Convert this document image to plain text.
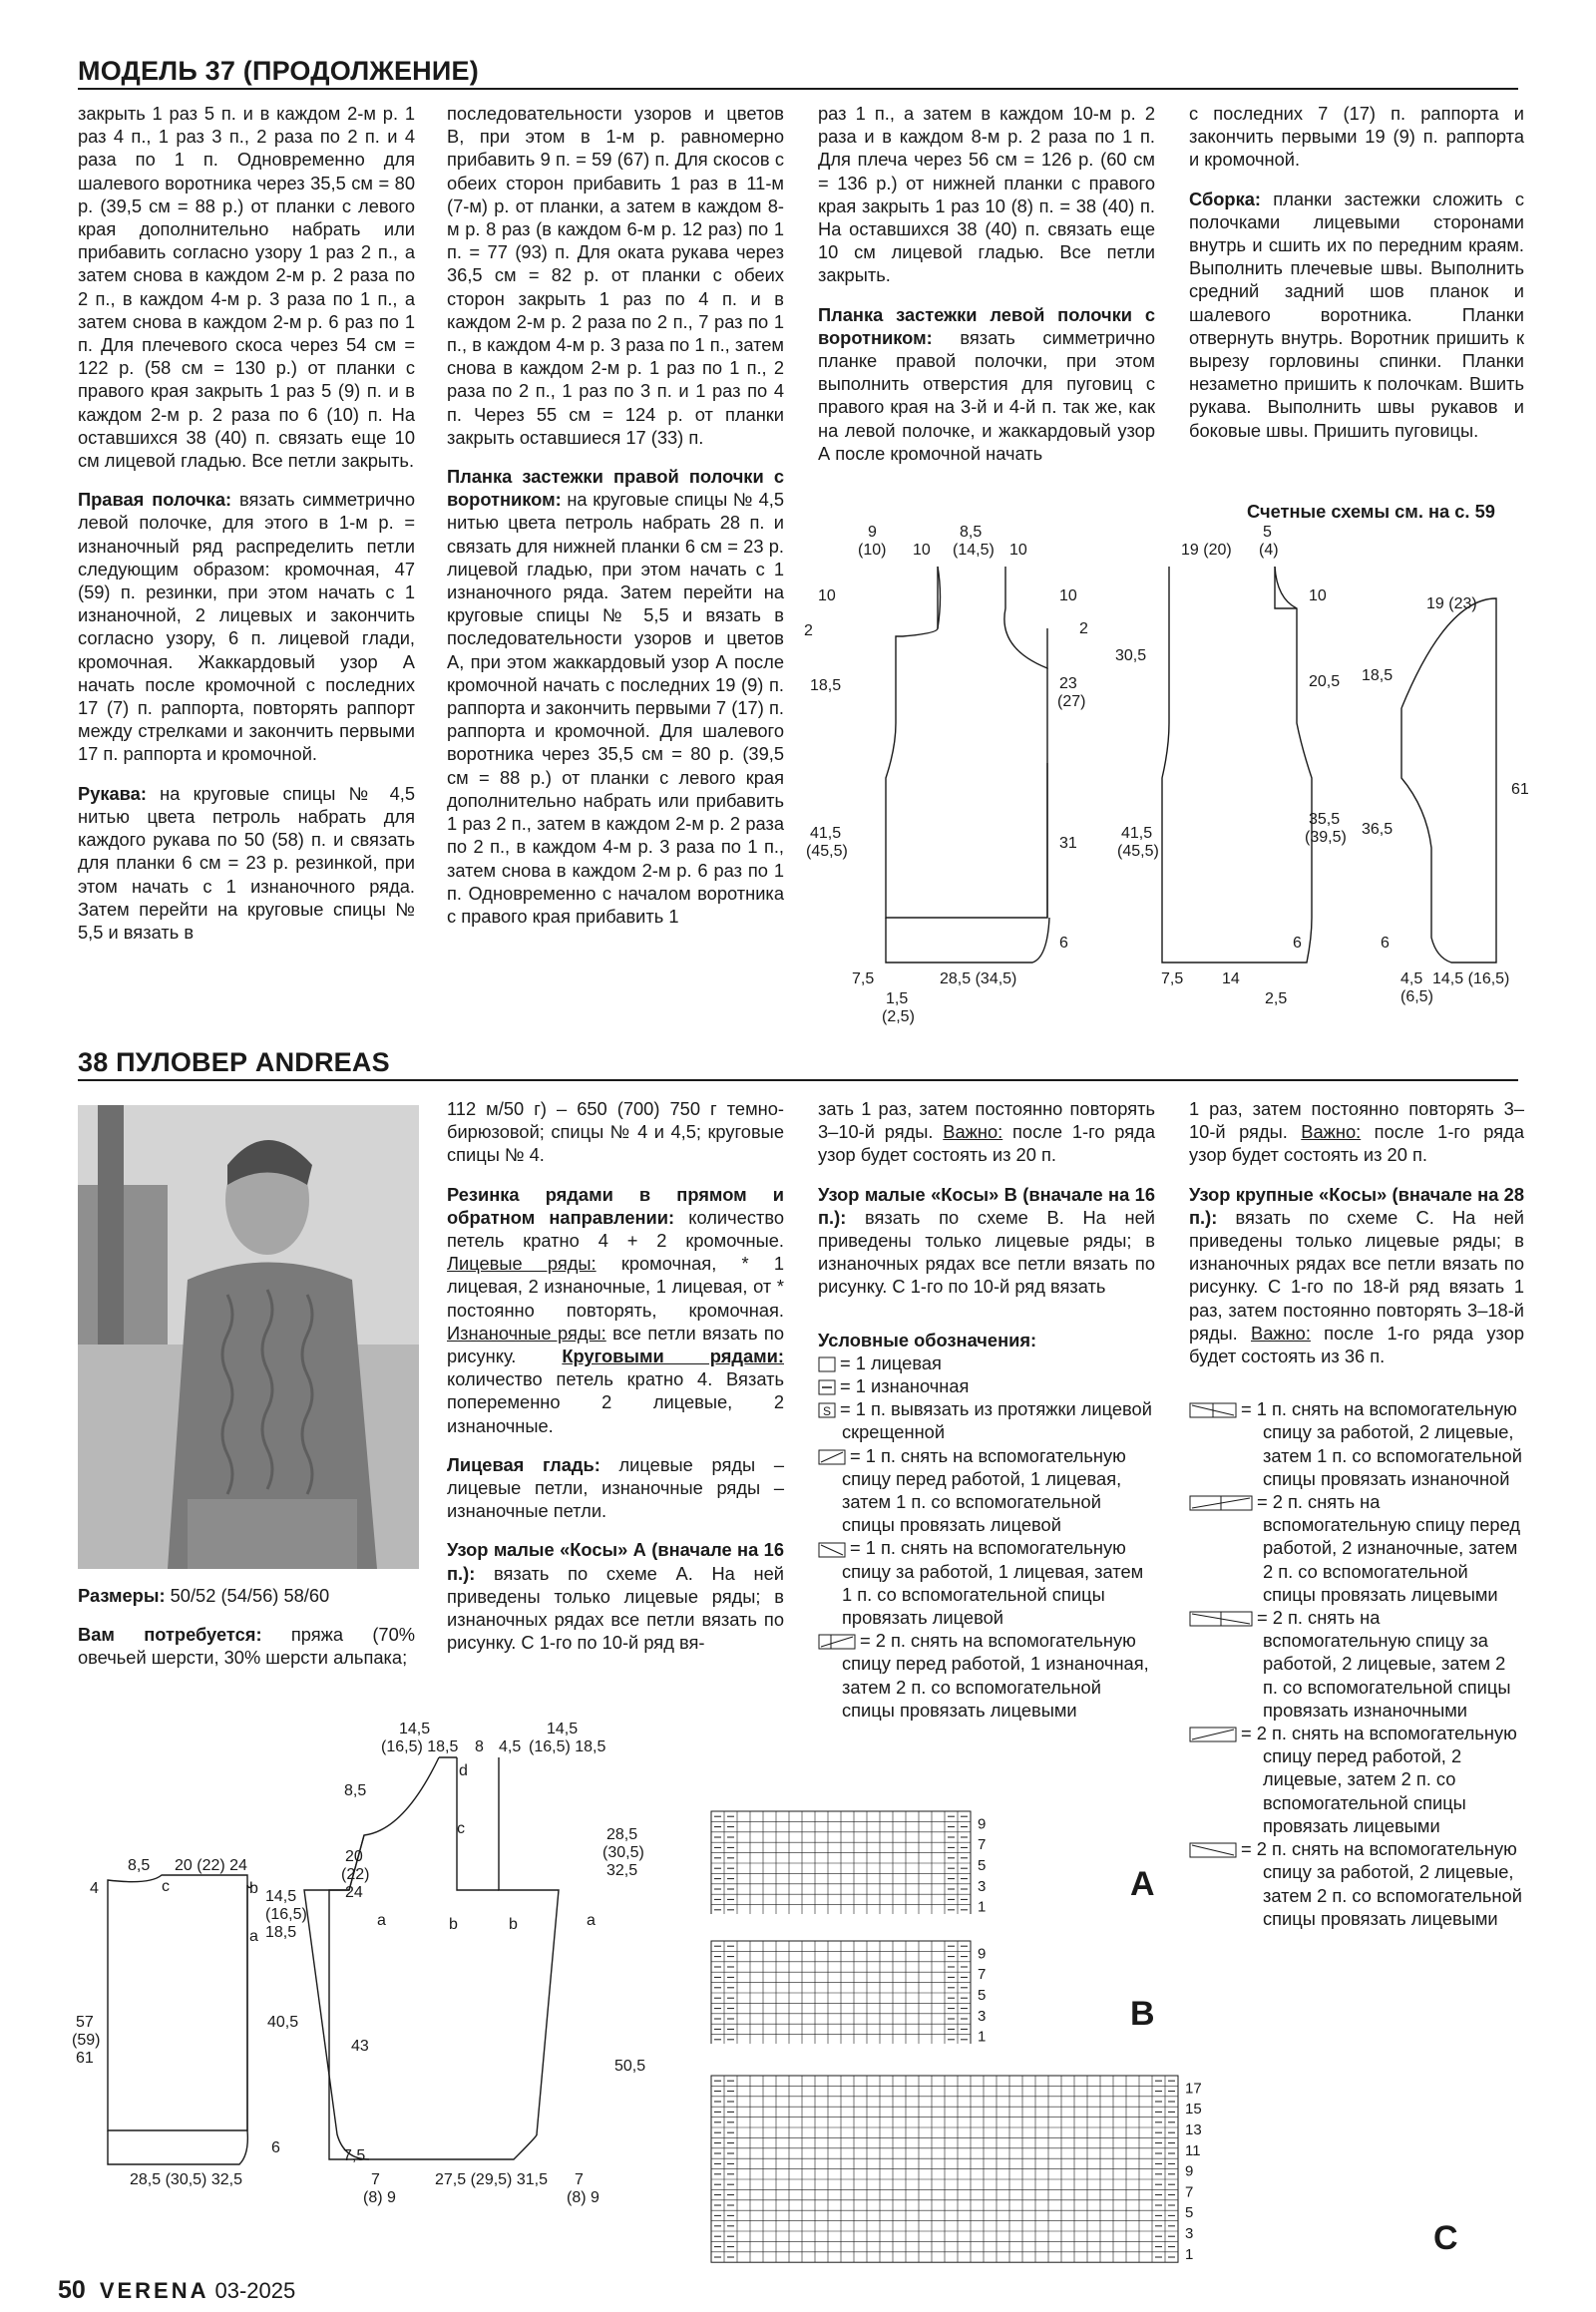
МОДЕЛЬ 37 (ПРОДОЛЖЕНИЕ)

закрыть 1 раз 5 п. и в каждом 2-м р. 1 раз 4 п., 1 раз 3 п., 2 раза по 2 п. и 4 раза по 1 п. Одновременно для шалевого воротника через 35,5 см = 80 р. (39,5 см = 88 р.) от планки с левого края дополнительно набрать или прибавить согласно узору 1 раз 2 п., а затем снова в каждом 2-м р. 2 раза по 2 п., в каждом 4-м р. 3 раза по 1 п., а затем снова в каждом 2-м р. 6 раз по 1 п. Для плечевого скоса через 54 см = 122 р. (58 см = 130 р.) от планки с правого края закрыть 1 раз 5 (9) п. и в каждом 2-м р. 2 раза по 6 (10) п. На оставшихся 38 (40) п. связать еще 10 см лицевой гладью. Все петли закрыть.

Правая полочка: вязать симметрично левой полочке, для этого в 1-м р. = изнаночный ряд распределить петли следующим образом: кромочная, 47 (59) п. резинки, при этом начать с 1 изнаночной, 2 лицевых и закончить согласно узору, 6 п. лицевой глади, кромочная. Жаккардовый узор А начать после кромочной с последних 17 (7) п. раппорта, повторять раппорт между стрелками и закончить первыми 17 п. раппорта и кромочной.

Рукава: на круговые спицы № 4,5 нитью цвета петроль набрать для каждого рукава по 50 (58) п. и связать для планки 6 см = 23 р. резинкой, при этом начать с 1 изнаночного ряда. Затем перейти на круговые спицы № 5,5 и вязать в

последовательности узоров и цветов В, при этом в 1-м р. равномерно прибавить 9 п. = 59 (67) п. Для скосов с обеих сторон прибавить 1 раз в 11-м (7-м) р. от планки, а затем в каждом 8-м р. 8 раз (в каждом 6-м р. 12 раз) по 1 п. = 77 (93) п. Для оката рукава через 36,5 см = 82 р. от планки с обеих сторон закрыть 1 раз по 4 п. и в каждом 2-м р. 2 раза по 2 п., 7 раз по 1 п., в каждом 4-м р. 3 раза по 1 п., затем снова в каждом 2-м р. 1 раз по 1 п., 2 раза по 2 п., 1 раз по 3 п. и 1 раз по 4 п. Через 55 см = 124 р. от планки закрыть оставшиеся 17 (33) п.

Планка застежки правой полочки с воротником: на круговые спицы № 4,5 нитью цвета петроль набрать 28 п. и связать для нижней планки 6 см = 23 р. лицевой гладью, при этом начать с 1 изнаночного ряда. Затем перейти на круговые спицы № 5,5 и вязать в последовательности узоров и цветов А, при этом жаккардовый узор А после кромочной начать с последних 19 (9) п. раппорта и закончить первыми 7 (17) п. раппорта и кромочной. Для шалевого воротника через 35,5 см = 80 р. (39,5 см = 88 р.) от планки с левого края дополнительно набрать или прибавить 1 раз 2 п., затем в каждом 2-м р. 2 раза по 2 п., в каждом 4-м р. 3 раза по 1 п., затем снова в каждом 2-м р. 6 раз по 1 п. Одновременно с началом воротника с правого края прибавить 1

раз 1 п., а затем в каждом 10-м р. 2 раза и в каждом 8-м р. 2 раза по 1 п. Для плеча через 56 см = 126 р. (60 см = 136 р.) от нижней планки с правого края закрыть 1 раз 10 (8) п. = 38 (40) п. На оставшихся 38 (40) п. связать еще 10 см лицевой гладью. Все петли закрыть.

Планка застежки левой полочки с воротником: вязать симметрично планке правой полочки, при этом выполнить отверстия для пуговиц с правого края на 3-й и 4-й п. так же, как на левой полочке, и жаккардовый узор А после кромочной начать

с последних 7 (17) п. раппорта и закончить первыми 19 (9) п. раппорта и кромочной.

Сборка: планки застежки сложить с полочками лицевыми сторонами внутрь и сшить их по передним краям. Выполнить плечевые швы. Выполнить средний задний шов планок и шалевого воротника. Планки отвернуть внутрь. Воротник пришить к вырезу горловины спинки. Планки незаметно пришить к полочкам. Вшить рукава. Выполнить швы рукавов и боковые швы. Пришить пуговицы.

Счетные схемы см. на с. 59
9
(10) 10
8,5
(14,5) 10
10
2
23
(27)
31
6
10
2
18,5
41,5
(45,5)
7,5	28,5 (34,5)
1,5
(2,5)
19 (20)
5
(4)
10
30,5
41,5
(45,5)
20,5
35,5
(39,5)
6
7,5 14
2,5
19 (23)
18,5
36,5
6
61
4,5 14,5 (16,5)
(6,5)
38 ПУЛОВЕР ANDREAS

Размеры: 50/52 (54/56) 58/60

Вам потребуется: пряжа (70% овечьей шерсти, 30% шерсти альпака;

112 м/50 г) – 650 (700) 750 г темно-бирюзовой; спицы № 4 и 4,5; круговые спицы № 4.

Резинка рядами в прямом и обратном направлении: количество петель кратно 4 + 2 кромочные. Лицевые ряды: кромочная, * 1 лицевая, 2 изнаночные, 1 лицевая, от * постоянно повторять, кромочная. Изнаночные ряды: все петли вязать по рисунку. Круговыми рядами: количество петель кратно 4. Вязать попеременно 2 лицевые, 2 изнаночные.

Лицевая гладь: лицевые ряды – лицевые петли, изнаночные ряды – изнаночные петли.

Узор малые «Косы» А (вначале на 16 п.): вязать по схеме А. На ней приведены только лицевые ряды; в изнаночных рядах все петли вязать по рисунку. С 1-го по 10-й ряд вя-

зать 1 раз, затем постоянно повторять 3–10-й ряды. Важно: после 1-го ряда узор будет состоять из 20 п.

Узор малые «Косы» В (вначале на 16 п.): вязать по схеме В. На ней приведены только лицевые ряды; в изнаночных рядах все петли вязать по рисунку. С 1-го по 10-й ряд вязать

Условные обозначения:

= 1 лицевая
= 1 изнаночная
S = 1 п. вывязать из протяжки лицевой скрещенной
= 1 п. снять на вспомогательную спицу перед работой, 1 лицевая, затем 1 п. со вспомогательной спицы провязать лицевой
= 1 п. снять на вспомогательную спицу за работой, 1 лицевая, затем 1 п. со вспомогательной спицы провязать лицевой
= 2 п. снять на вспомогательную спицу перед работой, 1 изнаночная, затем 2 п. со вспомогательной спицы провязать лицевыми

1 раз, затем постоянно повторять 3–10-й ряды. Важно: после 1-го ряда узор будет состоять из 20 п.

Узор крупные «Косы» (вначале на 28 п.): вязать по схеме С. На ней приведены только лицевые ряды; в изнаночных рядах все петли вязать по рисунку. С 1-го по 18-й ряд вязать 1 раз, затем постоянно повторять 3–18-й ряды. Важно: после 1-го ряда узор будет состоять из 36 п.

= 1 п. снять на вспомогательную спицу за работой, 2 лицевые, затем 1 п. со вспомогательной спицы провязать изнаночной
= 2 п. снять на вспомогательную спицу перед работой, 2 изнаночные, затем 2 п. со вспомогательной спицы провязать лицевыми
= 2 п. снять на вспомогательную спицу за работой, 2 лицевые, затем 2 п. со вспомогательной спицы провязать изнаночными
= 2 п. снять на вспомогательную спицу перед работой, 2 лицевые, затем 2 п. со вспомогательной спицы провязать лицевыми
= 2 п. снять на вспомогательную спицу за работой, 2 лицевые, затем 2 п. со вспомогательной спицы провязать лицевыми
8,5 20 (22) 24
4	c	b
a
14,5
(16,5)
18,5
57
(59)
61
40,5
6
28,5 (30,5) 32,5
14,5
(16,5) 18,5 8 4,5
14,5
(16,5) 18,5
8,5
20
(22)
24
d
c
a	b	b	a
28,5
(30,5)
32,5
43
50,5
7,5
7
(8) 9
27,5 (29,5) 31,5 7
(8) 9
9
7
5
3
1
A
9
7
5
3
1
B
17
15
13
11
9
7
5
3
1	C
50 VERENA 03-2025
